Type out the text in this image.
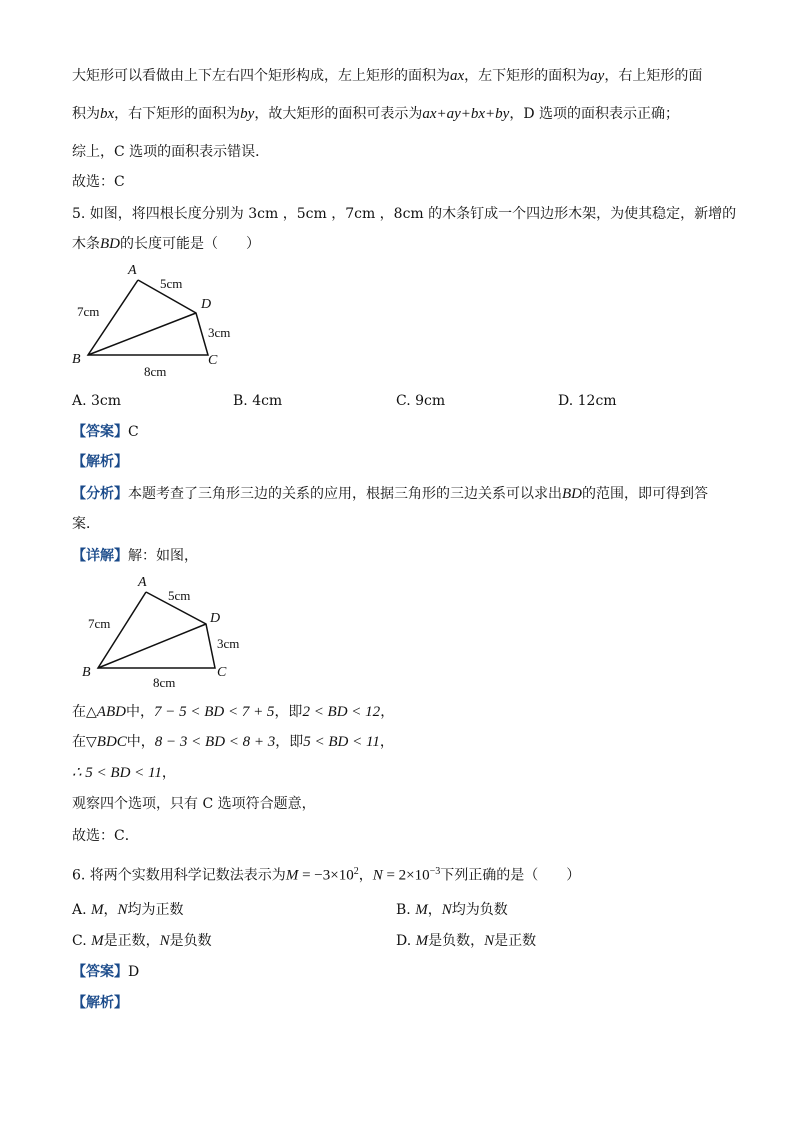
大矩形可以看做由上下左右四个矩形构成，左上矩形的面积为ax，左下矩形的面积为ay，右上矩形的面
积为bx，右下矩形的面积为by，故大矩形的面积可表示为ax+ay+bx+by，D 选项的面积表示正确；
综上，C 选项的面积表示错误．
故选：C
5. 如图，将四根长度分别为 3cm ，5cm ，7cm ，8cm 的木条钉成一个四边形木架，为使其稳定，新增的
木条BD的长度可能是（　　）
A
B	C
D
7cm
5cm
3cm
8cm
A. 3cm	B. 4cm	C. 9cm	D. 12cm
【答案】C
【解析】
【分析】本题考查了三角形三边的关系的应用，根据三角形的三边关系可以求出BD的范围，即可得到答
案．
【详解】解：如图，
A
B	C
D
7cm
5cm
3cm
8cm
在△ABD中，7 − 5 < BD < 7 + 5，即2 < BD < 12，
在▽BDC中，8 − 3 < BD < 8 + 3，即5 < BD < 11，
∴ 5 < BD < 11，
观察四个选项，只有 C 选项符合题意，
故选：C．
6. 将两个实数用科学记数法表示为$M = -3\times 10^2$，$N = 2\times 10^{-3}$下列正确的是（　　）
A. M，N均为正数	B. M，N均为负数
C. M是正数，N是负数	D. M是负数，N是正数
【答案】D
【解析】
